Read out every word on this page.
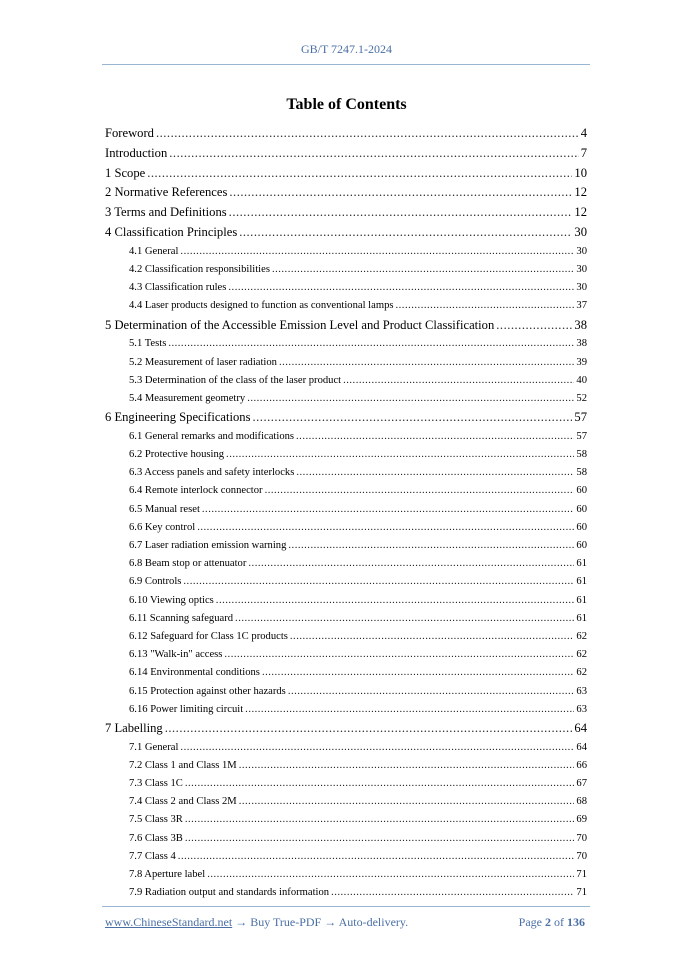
GB/T 7247.1-2024
Table of Contents
Foreword .....	4
Introduction .....	7
1 Scope .....	10
2 Normative References .....	12
3 Terms and Definitions .....	12
4 Classification Principles .....	30
4.1 General .....	30
4.2 Classification responsibilities .....	30
4.3 Classification rules .....	30
4.4 Laser products designed to function as conventional lamps .....	37
5 Determination of the Accessible Emission Level and Product Classification .....	38
5.1 Tests .....	38
5.2 Measurement of laser radiation .....	39
5.3 Determination of the class of the laser product .....	40
5.4 Measurement geometry .....	52
6 Engineering Specifications .....	57
6.1 General remarks and modifications .....	57
6.2 Protective housing .....	58
6.3 Access panels and safety interlocks .....	58
6.4 Remote interlock connector .....	60
6.5 Manual reset .....	60
6.6 Key control .....	60
6.7 Laser radiation emission warning .....	60
6.8 Beam stop or attenuator .....	61
6.9 Controls .....	61
6.10 Viewing optics .....	61
6.11 Scanning safeguard .....	61
6.12 Safeguard for Class 1C products .....	62
6.13 "Walk-in" access .....	62
6.14 Environmental conditions .....	62
6.15 Protection against other hazards .....	63
6.16 Power limiting circuit .....	63
7 Labelling .....	64
7.1 General .....	64
7.2 Class 1 and Class 1M .....	66
7.3 Class 1C .....	67
7.4 Class 2 and Class 2M .....	68
7.5 Class 3R .....	69
7.6 Class 3B .....	70
7.7 Class 4 .....	70
7.8 Aperture label .....	71
7.9 Radiation output and standards information .....	71
www.ChineseStandard.net → Buy True-PDF → Auto-delivery.	Page 2 of 136
